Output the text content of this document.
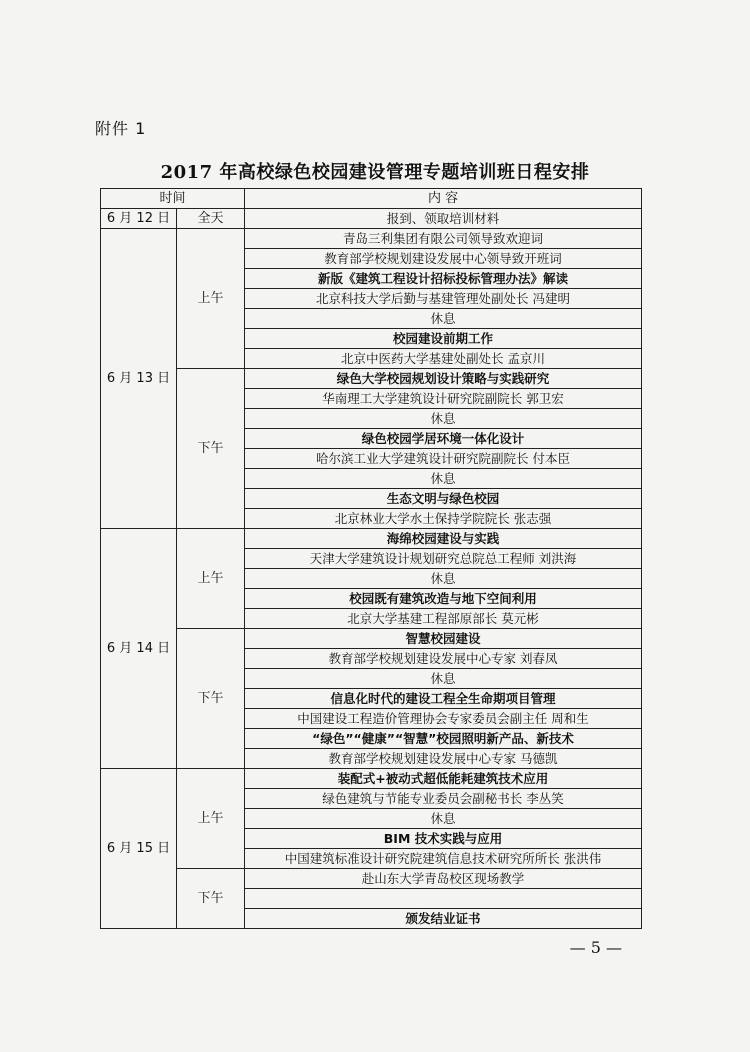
附件 1
2017 年高校绿色校园建设管理专题培训班日程安排
时间		内 容
6 月 12 日	全天	报到、领取培训材料
6 月 13 日	上午	青岛三利集团有限公司领导致欢迎词
		教育部学校规划建设发展中心领导致开班词
		新版《建筑工程设计招标投标管理办法》解读
		北京科技大学后勤与基建管理处副处长 冯建明
		休息
		校园建设前期工作
		北京中医药大学基建处副处长 孟京川
	下午	绿色大学校园规划设计策略与实践研究
		华南理工大学建筑设计研究院副院长 郭卫宏
		休息
		绿色校园学居环境一体化设计
		哈尔滨工业大学建筑设计研究院副院长 付本臣
		休息
		生态文明与绿色校园
		北京林业大学水土保持学院院长 张志强
6 月 14 日	上午	海绵校园建设与实践
		天津大学建筑设计规划研究总院总工程师 刘洪海
		休息
		校园既有建筑改造与地下空间利用
		北京大学基建工程部原部长 莫元彬
	下午	智慧校园建设
		教育部学校规划建设发展中心专家 刘春凤
		休息
		信息化时代的建设工程全生命期项目管理
		中国建设工程造价管理协会专家委员会副主任 周和生
		“绿色”“健康”“智慧”校园照明新产品、新技术
		教育部学校规划建设发展中心专家 马德凯
6 月 15 日	上午	装配式+被动式超低能耗建筑技术应用
		绿色建筑与节能专业委员会副秘书长 李丛笑
		休息
		BIM 技术实践与应用
		中国建筑标准设计研究院建筑信息技术研究所所长 张洪伟
	下午	赴山东大学青岛校区现场教学

		颁发结业证书
— 5 —
